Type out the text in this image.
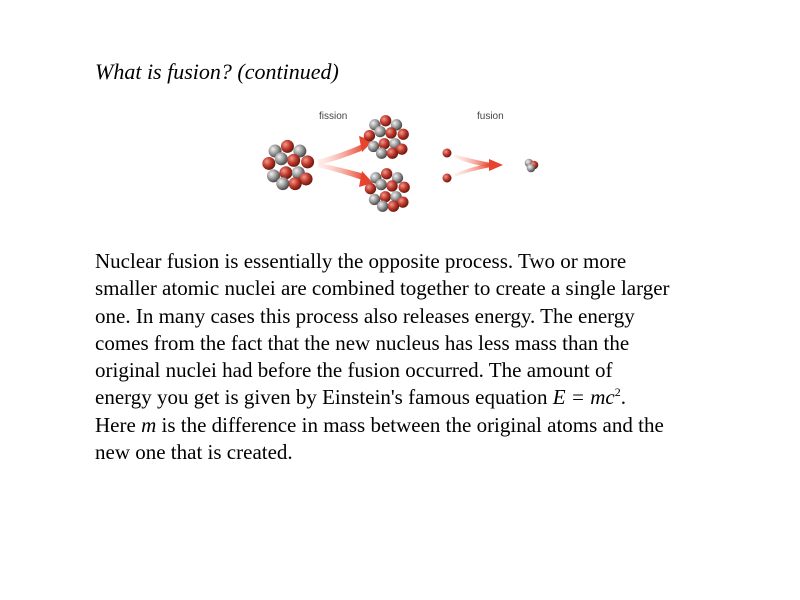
What is fusion? (continued)
fission	fusion

Nuclear fusion is essentially the opposite process. Two or more

smaller atomic nuclei are combined together to create a single larger

one. In many cases this process also releases energy. The energy

comes from the fact that the new nucleus has less mass than the

original nuclei had before the fusion occurred. The amount of

energy you get is given by Einstein's famous equation $E = mc^2$.

Here m is the difference in mass between the original atoms and the

new one that is created.
